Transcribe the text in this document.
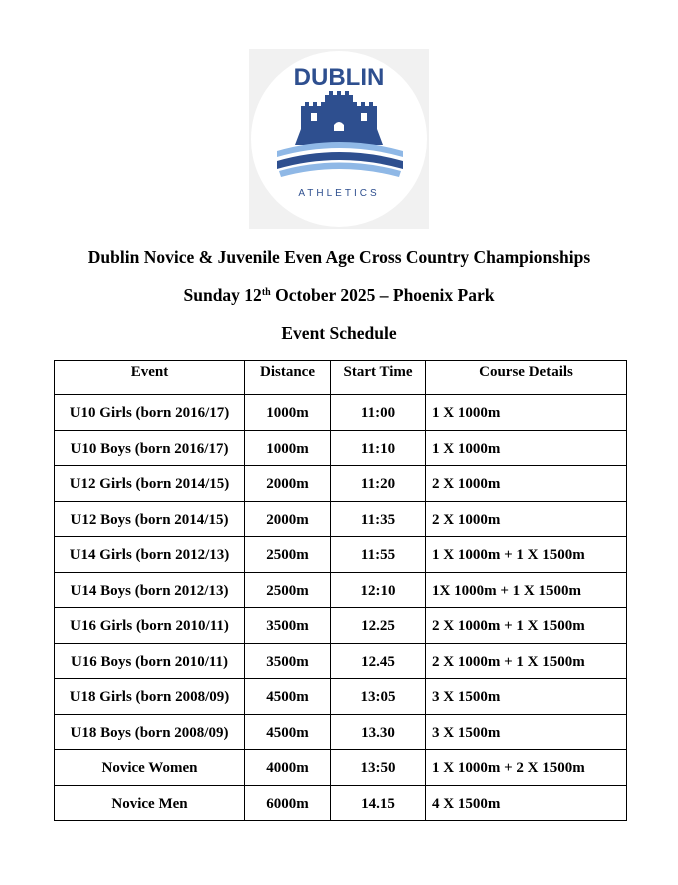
DUBLIN
ATHLETICS
Dublin Novice & Juvenile Even Age Cross Country Championships
Sunday 12th October 2025 – Phoenix Park
Event Schedule
Event	Distance	Start Time	Course Details
U10 Girls (born 2016/17)	1000m	11:00	1 X 1000m
U10 Boys (born 2016/17)	1000m	11:10	1 X 1000m
U12 Girls (born 2014/15)	2000m	11:20	2 X 1000m
U12 Boys (born 2014/15)	2000m	11:35	2 X 1000m
U14 Girls (born 2012/13)	2500m	11:55	1 X 1000m + 1 X 1500m
U14 Boys (born 2012/13)	2500m	12:10	1X 1000m + 1 X 1500m
U16 Girls (born 2010/11)	3500m	12.25	2 X 1000m + 1 X 1500m
U16 Boys (born 2010/11)	3500m	12.45	2 X 1000m + 1 X 1500m
U18 Girls (born 2008/09)	4500m	13:05	3 X 1500m
U18 Boys (born 2008/09)	4500m	13.30	3 X 1500m
Novice Women	4000m	13:50	1 X 1000m + 2 X 1500m
Novice Men	6000m	14.15	4 X 1500m
